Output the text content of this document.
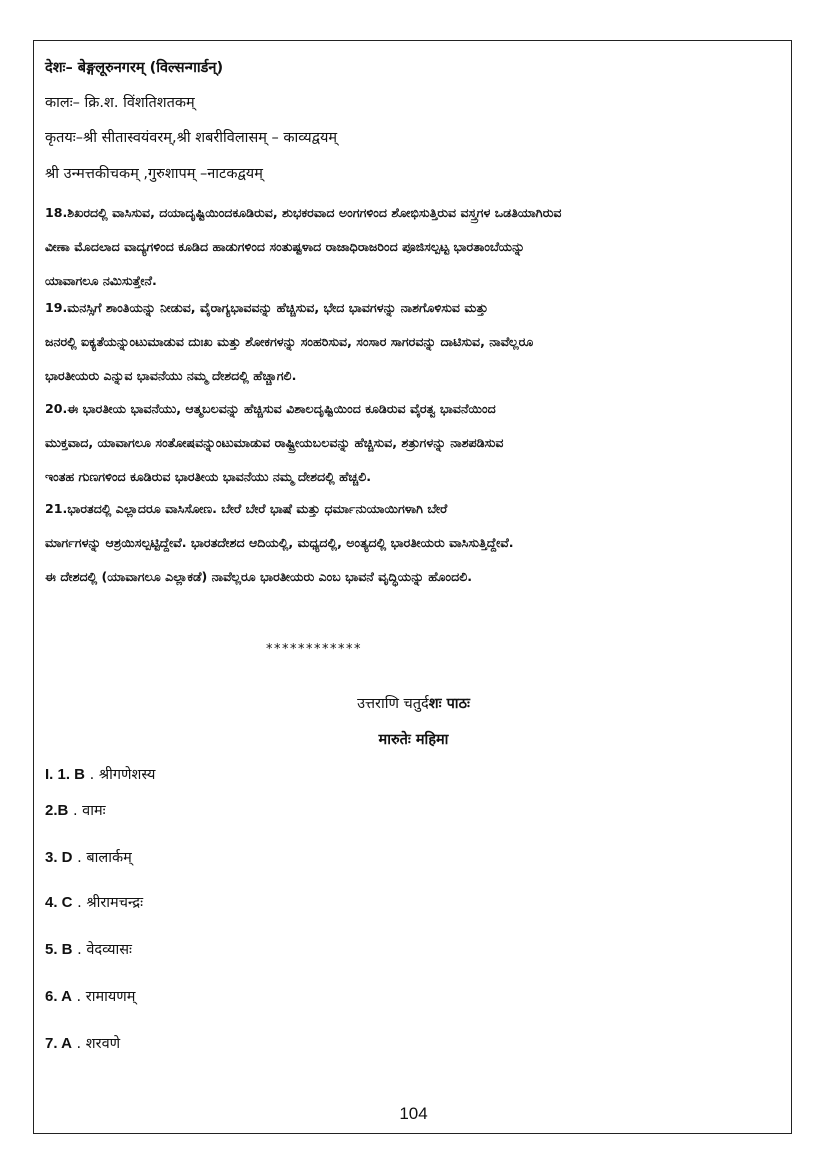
देशः– बेङ्गलूरुनगरम् (विल्सन्गार्डन्)
कालः– क्रि.श. विंशतिशतकम्
कृतयः–श्री सीतास्वयंवरम्,श्री शबरीविलासम् – काव्यद्वयम्
श्री उन्मत्तकीचकम् ,गुरुशापम् –नाटकद्वयम्
18.ಶಿಖರದಲ್ಲಿ ವಾಸಿಸುವ, ದಯಾದೃಷ್ಟಿಯಿಂದಕೂಡಿರುವ, ಶುಭಕರವಾದ ಅಂಗಗಳಿಂದ ಶೋಭಿಸುತ್ತಿರುವ ವಸ್ತ್ರಗಳ ಒಡತಿಯಾಗಿರುವ
ವೀಣಾ ಮೊದಲಾದ ವಾದ್ಯಗಳಿಂದ ಕೂಡಿದ ಹಾಡುಗಳಿಂದ ಸಂತುಷ್ಟಳಾದ ರಾಜಾಧಿರಾಜರಿಂದ ಪೂಜಿಸಲ್ಪಟ್ಟ ಭಾರತಾಂಬೆಯನ್ನು
ಯಾವಾಗಲೂ ನಮಿಸುತ್ತೇನೆ.
19.ಮನಸ್ಸಿಗೆ ಶಾಂತಿಯನ್ನು ನೀಡುವ, ವೈರಾಗ್ಯಭಾವವನ್ನು ಹೆಚ್ಚಿಸುವ, ಭೇದ ಭಾವಗಳನ್ನು ನಾಶಗೊಳಿಸುವ ಮತ್ತು
ಜನರಲ್ಲಿ ಐಕ್ಯತೆಯನ್ನುಂಟುಮಾಡುವ ದುಃಖ ಮತ್ತು ಶೋಕಗಳನ್ನು ಸಂಹರಿಸುವ, ಸಂಸಾರ ಸಾಗರವನ್ನು ದಾಟಿಸುವ, ನಾವೆಲ್ಲರೂ
ಭಾರತೀಯರು ಎನ್ನುವ ಭಾವನೆಯು ನಮ್ಮ ದೇಶದಲ್ಲಿ ಹೆಚ್ಚಾಗಲಿ.
20.ಈ ಭಾರತೀಯ ಭಾವನೆಯು, ಆತ್ಮಬಲವನ್ನು ಹೆಚ್ಚಿಸುವ ವಿಶಾಲದೃಷ್ಟಿಯಿಂದ ಕೂಡಿರುವ ವೈರತ್ವ ಭಾವನೆಯಿಂದ
ಮುಕ್ತವಾದ, ಯಾವಾಗಲೂ ಸಂತೋಷವನ್ನುಂಟುಮಾಡುವ ರಾಷ್ಟ್ರೀಯಬಲವನ್ನು ಹೆಚ್ಚಿಸುವ, ಶತ್ರುಗಳನ್ನು ನಾಶಪಡಿಸುವ
ಇಂತಹ ಗುಣಗಳಿಂದ ಕೂಡಿರುವ ಭಾರತೀಯ ಭಾವನೆಯು ನಮ್ಮ ದೇಶದಲ್ಲಿ ಹೆಚ್ಚಲಿ.
21.ಭಾರತದಲ್ಲಿ ಎಲ್ಲಾದರೂ ವಾಸಿಸೋಣ. ಬೇರೆ ಬೇರೆ ಭಾಷೆ ಮತ್ತು ಧರ್ಮಾನುಯಾಯಿಗಳಾಗಿ ಬೇರೆ
ಮಾರ್ಗಗಳನ್ನು ಆಶ್ರಯಿಸಲ್ಪಟ್ಟಿದ್ದೇವೆ. ಭಾರತದೇಶದ ಆದಿಯಲ್ಲಿ, ಮಧ್ಯದಲ್ಲಿ, ಅಂತ್ಯದಲ್ಲಿ ಭಾರತೀಯರು ವಾಸಿಸುತ್ತಿದ್ದೇವೆ.
ಈ ದೇಶದಲ್ಲಿ (ಯಾವಾಗಲೂ ಎಲ್ಲಾಕಡೆ) ನಾವೆಲ್ಲರೂ ಭಾರತೀಯರು ಎಂಬ ಭಾವನೆ ವೃದ್ಧಿಯನ್ನು ಹೊಂದಲಿ.
************
उत्तराणि चतुर्दशः पाठः
मारुतेः महिमा
I. 1. B . श्रीगणेशस्य
2.B . वामः
3. D . बालार्कम्
4. C . श्रीरामचन्द्रः
5. B . वेदव्यासः
6. A . रामायणम्
7. A . शरवणे
104
